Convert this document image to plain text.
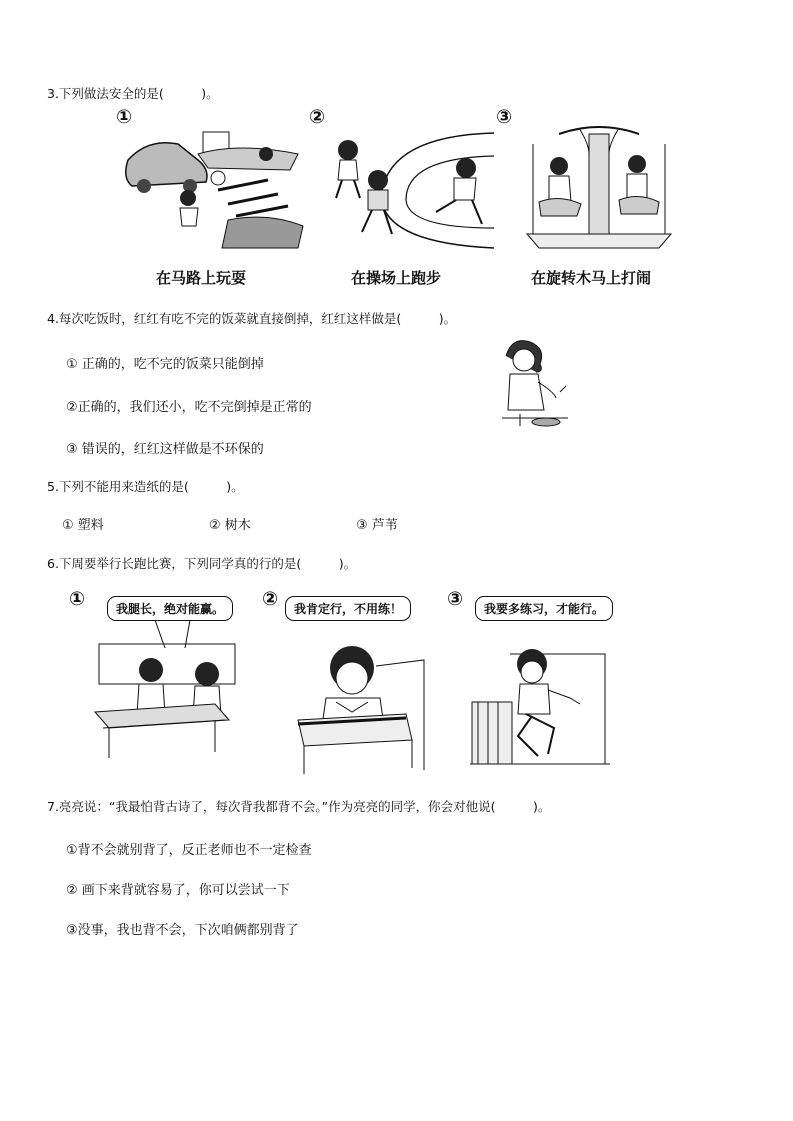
3.下列做法安全的是(　　　)。
①	②	③
在马路上玩耍	在操场上跑步	在旋转木马上打闹
4.每次吃饭时，红红有吃不完的饭菜就直接倒掉，红红这样做是(　　　)。
① 正确的，吃不完的饭菜只能倒掉
②正确的，我们还小，吃不完倒掉是正常的
③ 错误的，红红这样做是不环保的
5.下列不能用来造纸的是(　　　)。
① 塑料	② 树木	③ 芦苇
6.下周要举行长跑比赛，下列同学真的行的是(　　　)。
①	②	③
我腿长，绝对能赢。	我肯定行，不用练！	我要多练习，才能行。
7.亮亮说：“我最怕背古诗了，每次背我都背不会。”作为亮亮的同学，你会对他说(　　　)。
①背不会就别背了，反正老师也不一定检查
② 画下来背就容易了，你可以尝试一下
③没事，我也背不会，下次咱俩都别背了
